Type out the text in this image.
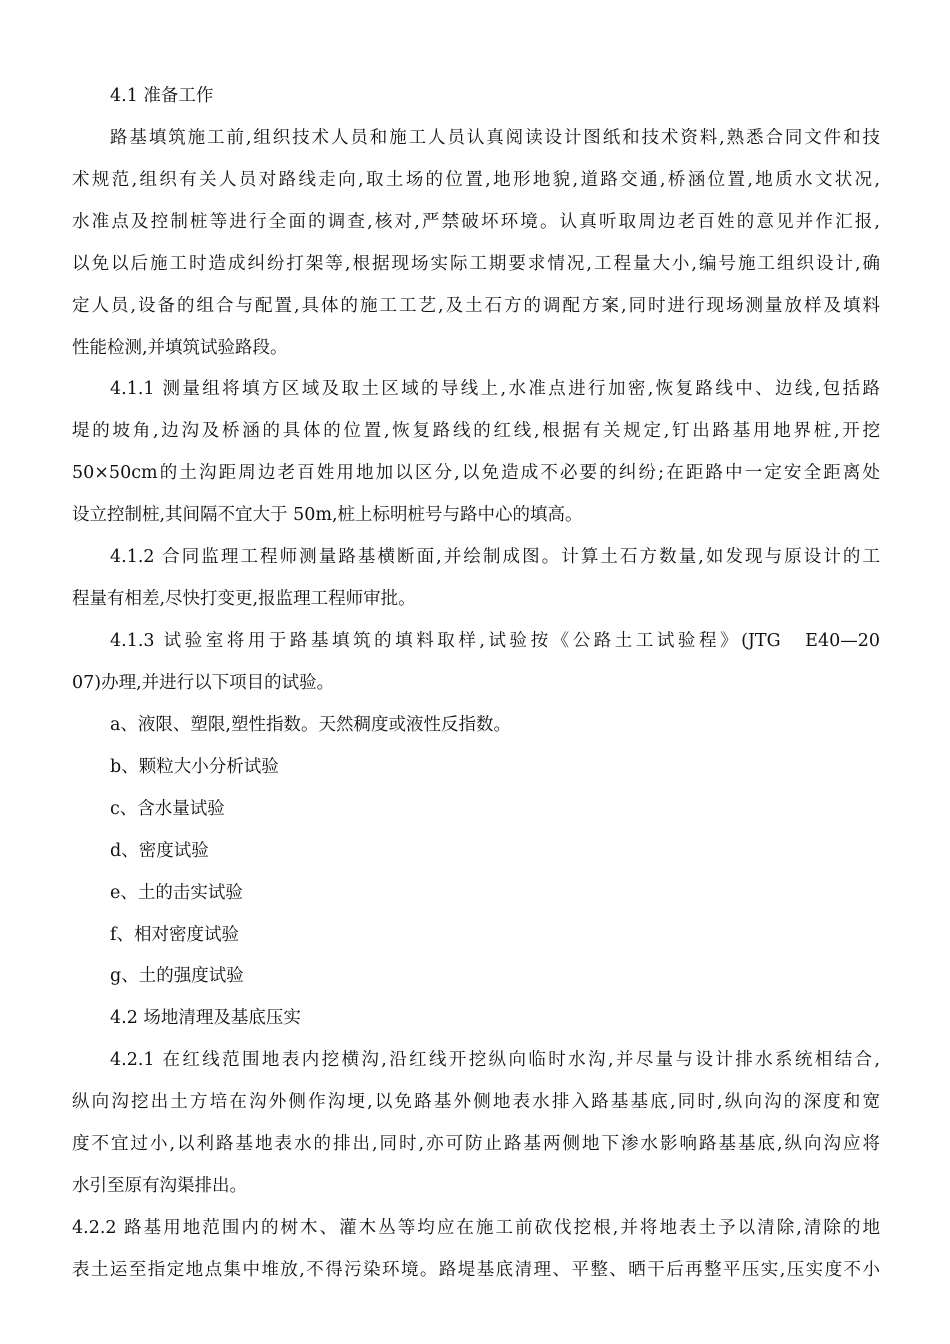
4.1 准备工作
路基填筑施工前,组织技术人员和施工人员认真阅读设计图纸和技术资料,熟悉合同文件和技
术规范,组织有关人员对路线走向,取土场的位置,地形地貌,道路交通,桥涵位置,地质水文状况,
水准点及控制桩等进行全面的调查,核对,严禁破坏环境。认真听取周边老百姓的意见并作汇报,
以免以后施工时造成纠纷打架等,根据现场实际工期要求情况,工程量大小,编号施工组织设计,确
定人员,设备的组合与配置,具体的施工工艺,及土石方的调配方案,同时进行现场测量放样及填料
性能检测,并填筑试验路段。
4.1.1 测量组将填方区域及取土区域的导线上,水准点进行加密,恢复路线中、边线,包括路
堤的坡角,边沟及桥涵的具体的位置,恢复路线的红线,根据有关规定,钉出路基用地界桩,开挖
50×50cm的土沟距周边老百姓用地加以区分,以免造成不必要的纠纷;在距路中一定安全距离处
设立控制桩,其间隔不宜大于 50m,桩上标明桩号与路中心的填高。
4.1.2 合同监理工程师测量路基横断面,并绘制成图。计算土石方数量,如发现与原设计的工
程量有相差,尽快打变更,报监理工程师审批。
4.1.3 试验室将用于路基填筑的填料取样,试验按《公路土工试验程》(JTG　E40—20
07)办理,并进行以下项目的试验。
a、液限、塑限,塑性指数。天然稠度或液性反指数。
b、颗粒大小分析试验
c、含水量试验
d、密度试验
e、土的击实试验
f、相对密度试验
g、土的强度试验
4.2 场地清理及基底压实
4.2.1 在红线范围地表内挖横沟,沿红线开挖纵向临时水沟,并尽量与设计排水系统相结合,
纵向沟挖出土方培在沟外侧作沟埂,以免路基外侧地表水排入路基基底,同时,纵向沟的深度和宽
度不宜过小,以利路基地表水的排出,同时,亦可防止路基两侧地下渗水影响路基基底,纵向沟应将
水引至原有沟渠排出。
4.2.2 路基用地范围内的树木、灌木丛等均应在施工前砍伐挖根,并将地表土予以清除,清除的地
表土运至指定地点集中堆放,不得污染环境。路堤基底清理、平整、晒干后再整平压实,压实度不小
